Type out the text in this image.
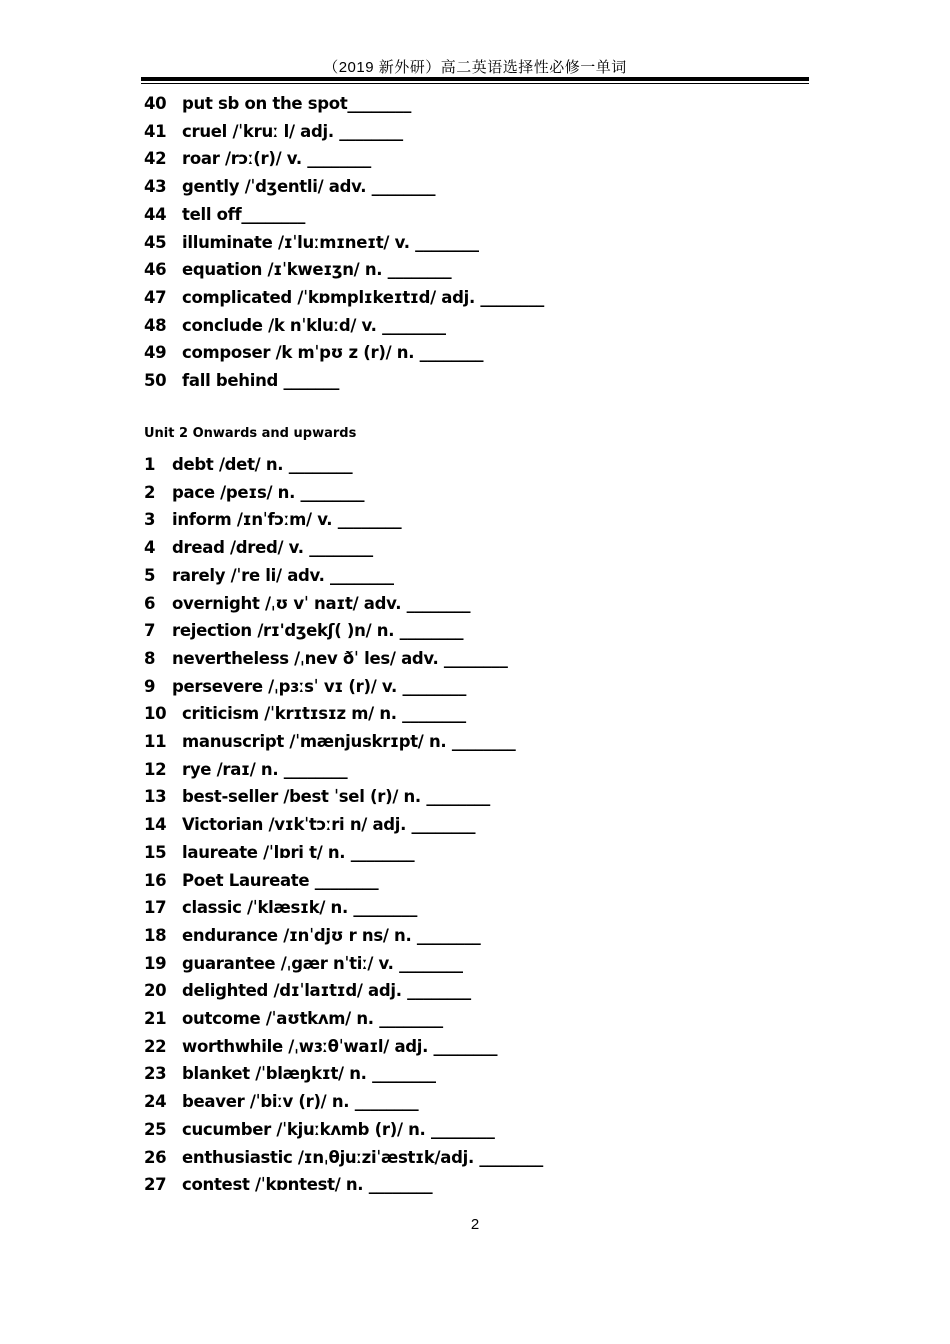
（2019 新外研）高二英语选择性必修一单词
40 put sb on the spot________
41 cruel /ˈkruː l/ adj. ________
42 roar /rɔː(r)/ v. ________
43 gently /ˈdʒentli/ adv. ________
44 tell off________
45 illuminate /ɪˈluːmɪneɪt/ v. ________
46 equation /ɪˈkweɪʒn/ n. ________
47 complicated /ˈkɒmplɪkeɪtɪd/ adj. ________
48 conclude /k nˈkluːd/ v. ________
49 composer /k mˈpʊ z (r)/ n. ________
50 fall behind _______
1 debt /det/ n. ________
2 pace /peɪs/ n. ________
3 inform /ɪnˈfɔːm/ v. ________
4 dread /dred/ v. ________
5 rarely /ˈre li/ adv. ________
6 overnight /ˌʊ vˈ naɪt/ adv. ________
7 rejection /rɪ'dʒekʃ( )n/ n. ________
8 nevertheless /ˌnev ðˈ les/ adv. ________
9 persevere /ˌpɜːsˈ vɪ (r)/ v. ________
10 criticism /ˈkrɪtɪsɪz m/ n. ________
11 manuscript /ˈmænjuskrɪpt/ n. ________
12 rye /raɪ/ n. ________
13 best-seller /best ˈsel (r)/ n. ________
14 Victorian /vɪkˈtɔːri n/ adj. ________
15 laureate /ˈlɒri t/ n. ________
16 Poet Laureate ________
17 classic /ˈklæsɪk/ n. ________
18 endurance /ɪnˈdjʊ r ns/ n. ________
19 guarantee /ˌgær nˈtiː/ v. ________
20 delighted /dɪˈlaɪtɪd/ adj. ________
21 outcome /ˈaʊtkʌm/ n. ________
22 worthwhile /ˌwɜːθˈwaɪl/ adj. ________
23 blanket /ˈblæŋkɪt/ n. ________
24 beaver /ˈbiːv (r)/ n. ________
25 cucumber /ˈkjuːkʌmb (r)/ n. ________
26 enthusiastic /ɪnˌθjuːziˈæstɪk/adj. ________
27 contest /ˈkɒntest/ n. ________
Unit 2 Onwards and upwards
2
